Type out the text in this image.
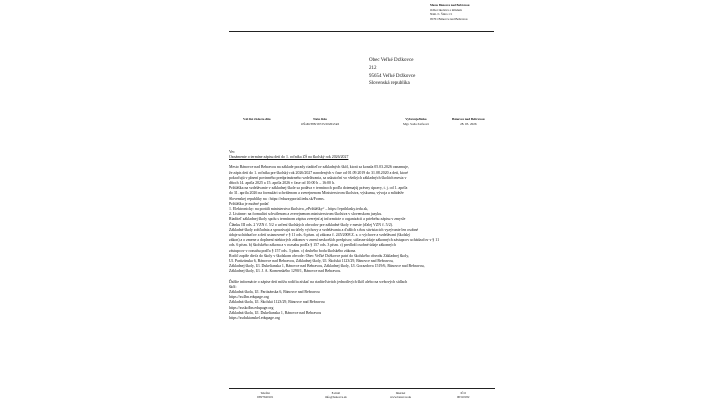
Mesto Bánovce nad Bebravou
Odbor školstva a mládeže
Nám. Ľ. Štúra 1/1
95701 Bánovce nad Bebravou
Obec Veľké Držkovce
212
95654 Veľké Držkovce
Slovenská republika
Váš list číslo/zo dňa	Naše číslo
OŠaM/388/16725/2026/Zat6
Vybavuje/linka
Mgr. Soňa Zaťková
Bánovce nad Bebravou
28. 03. 2026

Vec

Oznámenie o termíne zápisu detí do 1. ročníka ZŠ na školský rok 2026/2027

Mesto Bánovce nad Bebravou na základe porady riaditeľov základných škôl, ktorá sa konala 05.03.2026 oznamuje,
že zápis detí do 1. ročníka pre školský rok 2026/2027 narodených v čase od 01.09.2019 do 31.08.2020 a detí, ktoré
pokračujú v plnení povinného predprimárneho vzdelávania, sa uskutoční vo všetkých základných školách mesta v
dňoch 14. apríla 2025 a 15. apríla 2026 v čase od 10:00 h – 16:00 h.
Prihláška na vzdelávanie v základnej škole sa podáva v termínoch podľa dotemajúj právny úpravy, t. j. od 1. apríla
do 31. apríla 2026 na formulári schválenom a zverejnenom Ministerstvom školstva, výskumu, vývoja a mládeže
Slovenskej republiky na : https://eduzzyportal.iedu.sk/Forms.
Prihlášku je možné podať
1. Elektronicky: na portáli ministerstva školstva „ePrihlášky“ – https://eprihlasky.iedu.sk,
2. Listinne: na formulári schválenom a zverejnenom ministerstvom školstva v slovenskom jazyku.
Riaditeľ základnej školy spolu s termínom zápisu zverejní aj informácie o organizácii a priebehu zápisu v zmysle
Článku III ods. 2 VZN č. 5/2 o určení školských obvodov pre základné školy v meste (ďalej VZN č. 5/2).
Základné školy zohľadnia a spracúvajú na účely výchovy a vzdelávania a ďalších s ňou súvisiacich vyzývanie len osobné
údaje uchádzačov a detí ustanovené v § 11 ods. 6 písm. a) zákona č. 245/2008 Z. z. o výchove a vzdelávaní (školský
zákon) a o zmene a doplnení niektorých zákonov v znení neskorších predpisov, súčasne údaje zákonných zástupcov uchádzačov v § 11
ods. 6 písm. b) školského zákona a v rozsahu podľa § 157 ods. 3 písm. c) predloží osobné údaje zákonných
zástupcov v rozsahu podľa § 157 ods. 3 písm. c) druhého bodu školského zákona.
Rodič zapíše dieťa do školy v školskom obvode: Obec Veľké Držkovce patrí do školského obvodu Základnej školy,
Ul. Partizánska 6, Bánovce nad Bebravou, Základnej školy, Ul. Školská 1123/29, Bánovce nad Bebravou,
Základnej školy, Ul. Dukelianska 1, Bánovce nad Bebravou, Základnej školy, Ul. Gorazdova 1519/6, Bánovce nad Bebravou,
Základnej školy, Ul. J. A. Komenského 1290/1, Bánovce nad Bebravou.

Ďalšie informácie o zápise detí môžu rodičia získať na riaditeľstvách jednotlivých škôl alebo na webových sídlach
škôl:
Základná škola, Ul. Partizánska 6, Bánovce nad Bebravou
https://zs4bn.edupage.org
Základná škola, Ul. Školská 1123/29, Bánovce nad Bebravou
https://zsskolbn.edupage.org
Základná škola, Ul. Dukelianska 1, Bánovce nad Bebravou
https://zsdukianskel.edupage.org

Telefón
038/7620101
E-mail
info@banovce.sk
Internet
www.banovce.sk
IČO
00310182
